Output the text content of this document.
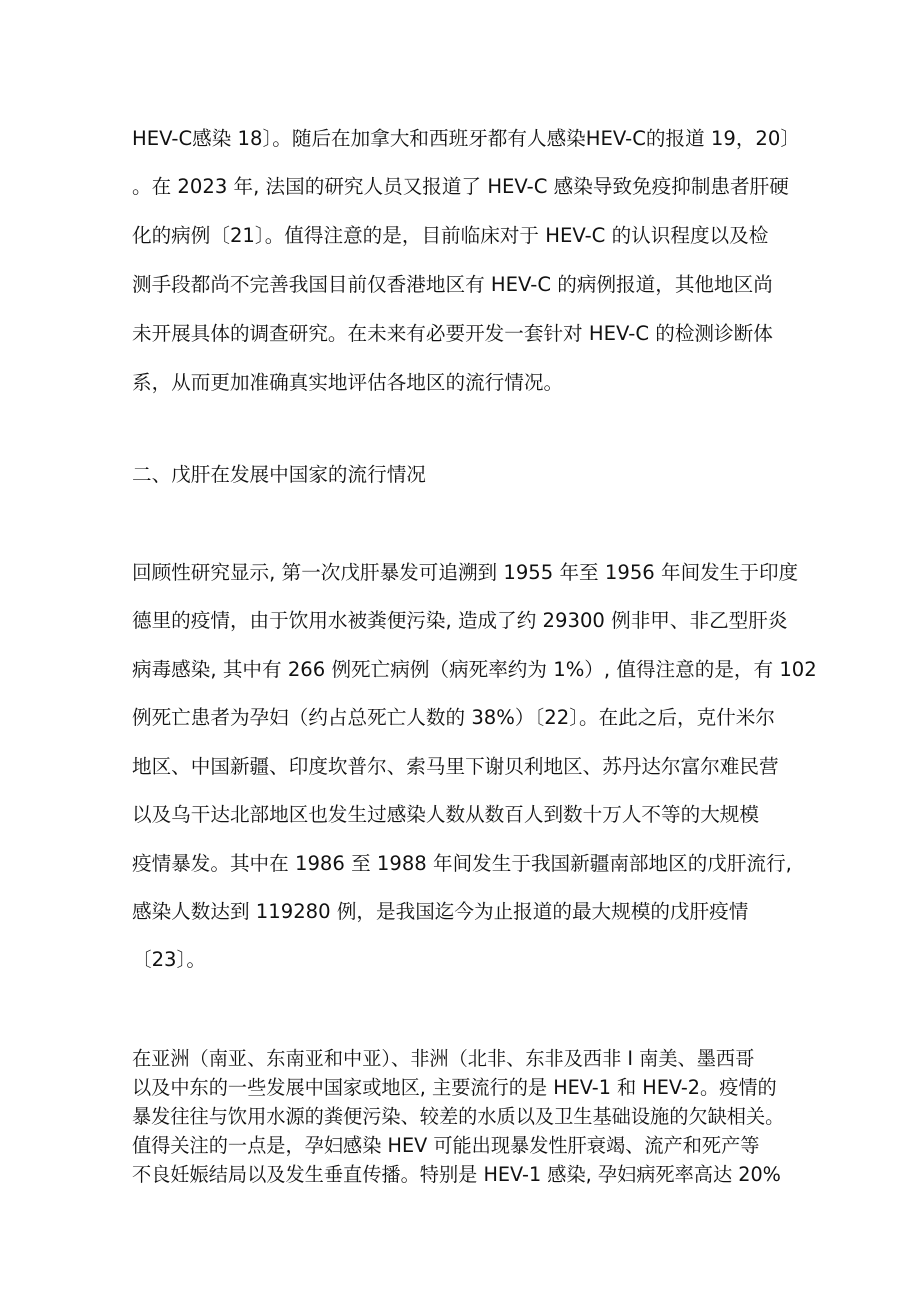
HEV-C感染 18〕。随后在加拿大和西班牙都有人感染HEV-C的报道 19，20〕
。在 2023 年, 法国的研究人员又报道了 HEV-C 感染导致免疫抑制患者肝硬
化的病例〔21〕。值得注意的是，目前临床对于 HEV-C 的认识程度以及检
测手段都尚不完善我国目前仅香港地区有 HEV-C 的病例报道，其他地区尚
未开展具体的调查研究。在未来有必要开发一套针对 HEV-C 的检测诊断体
系，从而更加准确真实地评估各地区的流行情况。
二、戊肝在发展中国家的流行情况
回顾性研究显示, 第一次戊肝暴发可追溯到 1955 年至 1956 年间发生于印度
德里的疫情，由于饮用水被粪便污染, 造成了约 29300 例非甲、非乙型肝炎
病毒感染, 其中有 266 例死亡病例（病死率约为 1%）, 值得注意的是，有 102
例死亡患者为孕妇（约占总死亡人数的 38%）〔22〕。在此之后，克什米尔
地区、中国新疆、印度坎普尔、索马里下谢贝利地区、苏丹达尔富尔难民营
以及乌干达北部地区也发生过感染人数从数百人到数十万人不等的大规模
疫情暴发。其中在 1986 至 1988 年间发生于我国新疆南部地区的戊肝流行,
感染人数达到 119280 例，是我国迄今为止报道的最大规模的戊肝疫情
〔23〕。
在亚洲（南亚、东南亚和中亚）、非洲（北非、东非及西非 I 南美、墨西哥
以及中东的一些发展中国家或地区, 主要流行的是 HEV-1 和 HEV-2。疫情的
暴发往往与饮用水源的粪便污染、较差的水质以及卫生基础设施的欠缺相关。
值得关注的一点是，孕妇感染 HEV 可能出现暴发性肝衰竭、流产和死产等
不良妊娠结局以及发生垂直传播。特别是 HEV-1 感染, 孕妇病死率高达 20%
